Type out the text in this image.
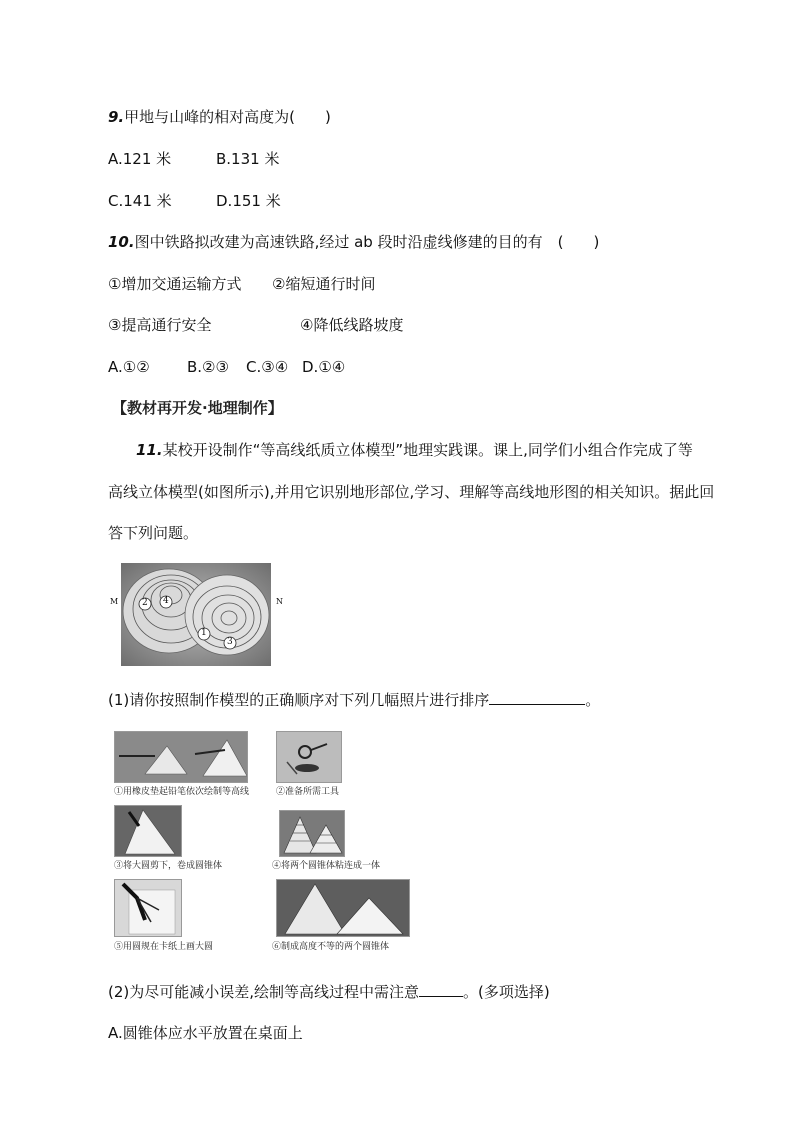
9.甲地与山峰的相对高度为(　　)
A.121 米	B.131 米
C.141 米	D.151 米
10.图中铁路拟改建为高速铁路,经过 ab 段时沿虚线修建的目的有　(　　)
①增加交通运输方式 ②缩短通行时间
③提高通行安全	④降低线路坡度
A.①② B.②③ C.③④ D.①④
【教材再开发·地理制作】
11.某校开设制作“等高线纸质立体模型”地理实践课。课上,同学们小组合作完成了等
高线立体模型(如图所示),并用它识别地形部位,学习、理解等高线地形图的相关知识。据此回
答下列问题。
M	N
2 4
1
3
(1)请你按照制作模型的正确顺序对下列几幅照片进行排序	。
①用橡皮垫起铅笔依次绘制等高线	②准备所需工具
③将大圆剪下，卷成圆锥体	④将两个圆锥体粘连成一体
⑤用圆规在卡纸上画大圆	⑥制成高度不等的两个圆锥体
(2)为尽可能减小误差,绘制等高线过程中需注意	。(多项选择)
A.圆锥体应水平放置在桌面上
